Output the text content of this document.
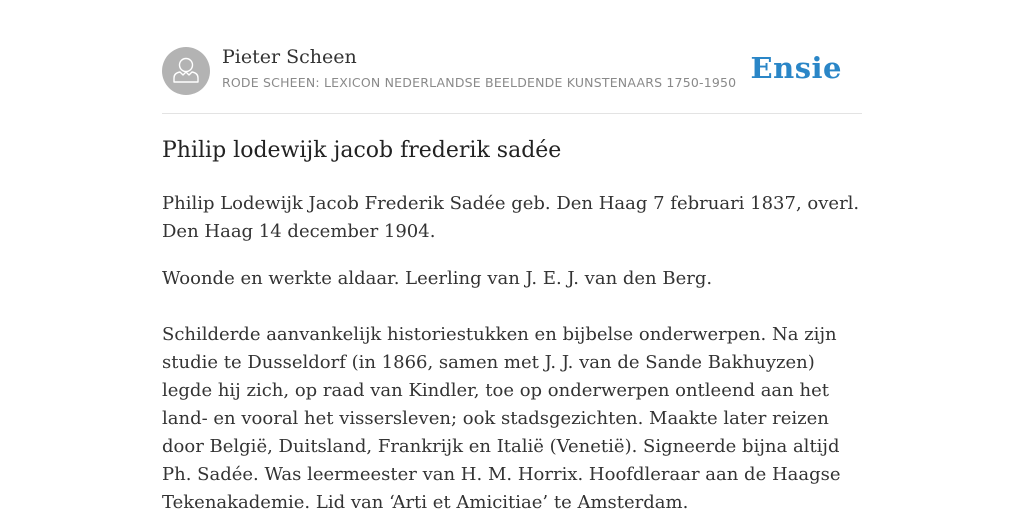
Pieter Scheen
RODE SCHEEN: LEXICON NEDERLANDSE BEELDENDE KUNSTENAARS 1750-1950 Ensie
Philip lodewijk jacob frederik sadée

Philip Lodewijk Jacob Frederik Sadée geb. Den Haag 7 februari 1837, overl. Den Haag 14 december 1904.

Woonde en werkte aldaar. Leerling van J. E. J. van den Berg.

Schilderde aanvankelijk historiestukken en bijbelse onderwerpen. Na zijn studie te Dusseldorf (in 1866, samen met J. J. van de Sande Bakhuyzen) legde hij zich, op raad van Kindler, toe op onderwerpen ontleend aan het land- en vooral het vissersleven; ook stadsgezichten. Maakte later reizen door België, Duitsland, Frankrijk en Italië (Venetië). Signeerde bijna altijd Ph. Sadée. Was leermeester van H. M. Horrix. Hoofdleraar aan de Haagse Tekenakademie. Lid van ‘Arti et Amicitiae’ te Amsterdam.
